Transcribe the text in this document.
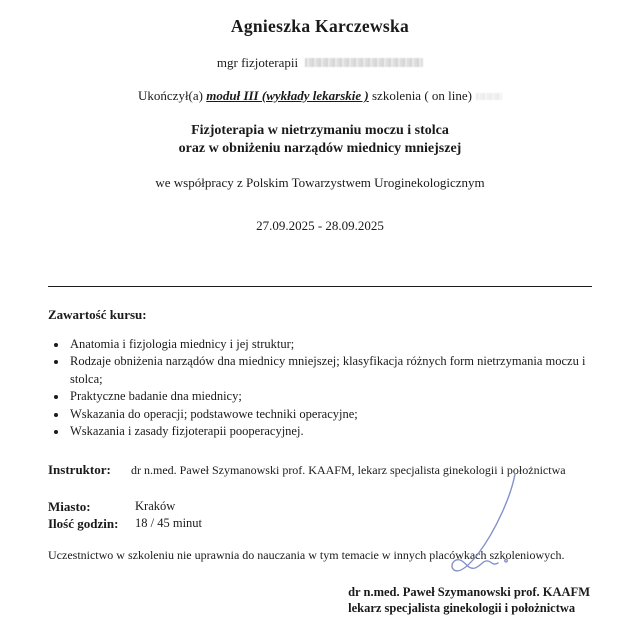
Agnieszka Karczewska
mgr fizjoterapii
Ukończył(a) moduł III (wykłady lekarskie ) szkolenia ( on line)
Fizjoterapia w nietrzymaniu moczu i stolca
oraz w obniżeniu narządów miednicy mniejszej
we współpracy z Polskim Towarzystwem Uroginekologicznym
27.09.2025 - 28.09.2025
Zawartość kursu:
• Anatomia i fizjologia miednicy i jej struktur;
• Rodzaje obniżenia narządów dna miednicy mniejszej; klasyfikacja różnych form nietrzymania moczu i stolca;
• Praktyczne badanie dna miednicy;
• Wskazania do operacji; podstawowe techniki operacyjne;
• Wskazania i zasady fizjoterapii pooperacyjnej.
Instruktor: dr n.med. Paweł Szymanowski prof. KAAFM, lekarz specjalista ginekologii i położnictwa
Miasto:	Kraków
Ilość godzin:	18 / 45 minut
Uczestnictwo w szkoleniu nie uprawnia do nauczania w tym temacie w innych placówkach szkoleniowych.
dr n.med. Paweł Szymanowski prof. KAAFM
lekarz specjalista ginekologii i położnictwa
